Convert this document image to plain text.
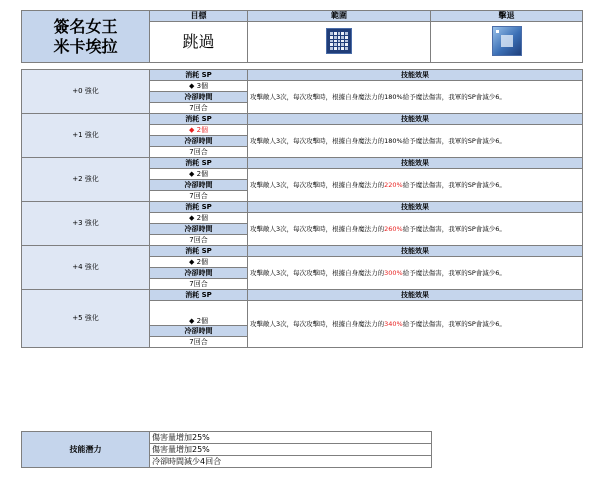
簽名女王
米卡埃拉	目標	範圍	擊退
	跳過	

+0 強化	消耗 SP	技能效果	
	◆ 3個	攻擊敵人3次，每次攻擊時，根據自身魔法力的180%給予魔法傷害，我軍的SP會減少6。	
	冷卻時間		
	7回合		
+1 強化	消耗 SP	技能效果	
	◆ 2個	攻擊敵人3次，每次攻擊時，根據自身魔法力的180%給予魔法傷害，我軍的SP會減少6。	
	冷卻時間		
	7回合		
+2 強化	消耗 SP	技能效果	
	◆ 2個	攻擊敵人3次，每次攻擊時，根據自身魔法力的220%給予魔法傷害，我軍的SP會減少6。	
	冷卻時間		
	7回合		
+3 強化	消耗 SP	技能效果	
	◆ 2個	攻擊敵人3次，每次攻擊時，根據自身魔法力的260%給予魔法傷害，我軍的SP會減少6。	
	冷卻時間		
	7回合		
+4 強化	消耗 SP	技能效果	
	◆ 2個	攻擊敵人3次，每次攻擊時，根據自身魔法力的300%給予魔法傷害，我軍的SP會減少6。	
	冷卻時間		
	7回合		
+5 強化	消耗 SP	技能效果	
	◆ 2個	攻擊敵人3次，每次攻擊時，根據自身魔法力的340%給予魔法傷害，我軍的SP會減少6。	
	冷卻時間		
	7回合		
技能潛力	傷害量增加25%
傷害量增加25%
冷卻時間減少4回合
